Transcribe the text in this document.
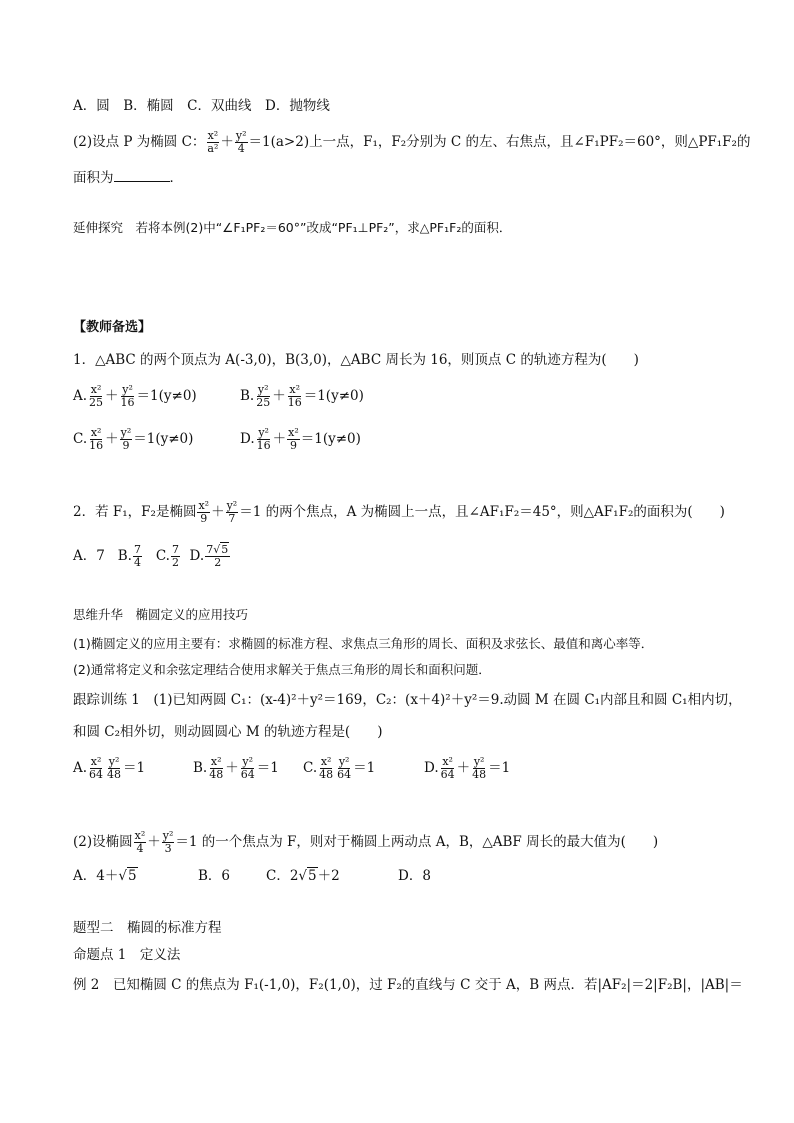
A．圆　B．椭圆　C．双曲线　D．抛物线
(2)设点 P 为椭圆 C： $\frac{\text{x²}}{\text{a²}} + \frac{\text{y²}}{4} =1(a>2)$上一点，F₁，F₂分别为 C 的左、右焦点，且∠F₁PF₂＝60°，则△PF₁F₂的
面积为	．
延伸探究　若将本例(2)中“∠F₁PF₂＝60°”改成“PF₁⊥PF₂”，求△PF₁F₂的面积．
【教师备选】
1．△ABC 的两个顶点为 A(-3,0)，B(3,0)，△ABC 周长为 16，则顶点 C 的轨迹方程为(　　)
A. $\frac{\text{x²}}{25} + \frac{\text{y²}}{16} =1(y\ne 0)$	B. $\frac{\text{y²}}{25} + \frac{\text{x²}}{16} =1(y\ne 0)$
C. $\frac{\text{x²}}{16} + \frac{\text{y²}}{9} =1(y\ne 0)$	D. $\frac{\text{y²}}{16} + \frac{\text{x²}}{9} =1(y\ne 0)$
2．若 F₁，F₂是椭圆 $\frac{\text{x²}}{9} + \frac{\text{y²}}{7} =1$ 的两个焦点，A 为椭圆上一点，且∠AF₁F₂＝45°，则△AF₁F₂的面积为(　　)
A．7 B. $\frac{7}{4} C$. $\frac{7}{2} D$. $\frac{7√5}{2}$
思维升华　椭圆定义的应用技巧
(1)椭圆定义的应用主要有：求椭圆的标准方程、求焦点三角形的周长、面积及求弦长、最值和离心率等．
(2)通常将定义和余弦定理结合使用求解关于焦点三角形的周长和面积问题．
跟踪训练 1　(1)已知两圆 C₁：(x-4)²＋y²＝169，C₂：(x＋4)²＋y²＝9.动圆 M 在圆 C₁内部且和圆 C₁相内切，
和圆 C₂相外切，则动圆圆心 M 的轨迹方程是(　　)
A. $\frac{\text{x²}}{64} \frac{\text{y²}}{48} =1$	B. $\frac{\text{x²}}{48} + \frac{\text{y²}}{64} =1$ C. $\frac{\text{x²}}{48} \frac{\text{y²}}{64} =1$	D. $\frac{\text{x²}}{64} + \frac{\text{y²}}{48} =1$
(2)设椭圆 $\frac{\text{x²}}{4} + \frac{\text{y²}}{3} =1$ 的一个焦点为 F，则对于椭圆上两动点 A，B，△ABF 周长的最大值为(　　)
A．4＋√5	B．6	C．2√5＋2	D．8
题型二　椭圆的标准方程
命题点 1　定义法
例 2　已知椭圆 C 的焦点为 F₁(-1,0)，F₂(1,0)，过 F₂的直线与 C 交于 A，B 两点．若|AF₂|＝2|F₂B|，|AB|＝
